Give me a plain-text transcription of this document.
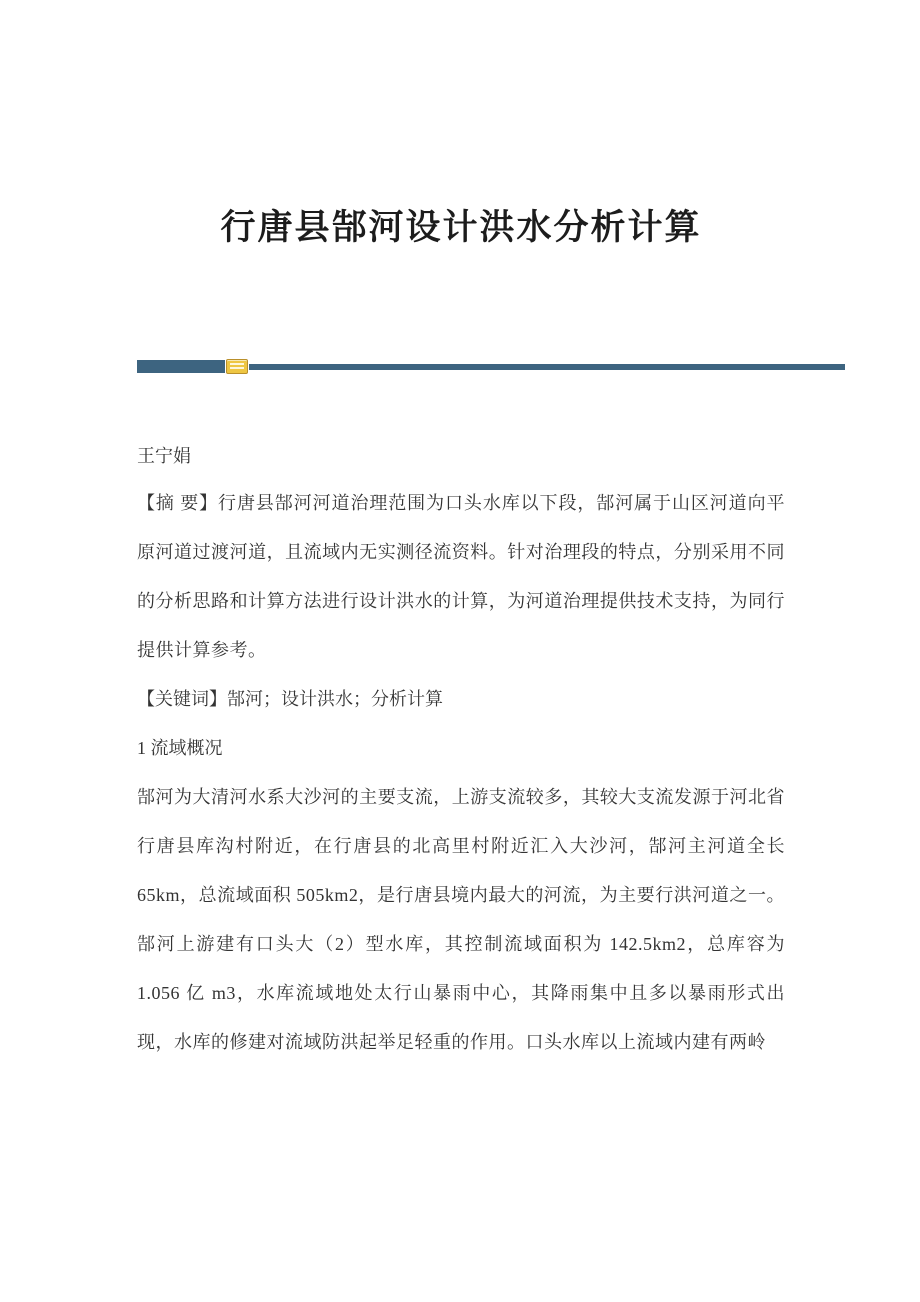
行唐县郜河设计洪水分析计算

王宁娟

【摘 要】行唐县郜河河道治理范围为口头水库以下段，郜河属于山区河道向平原河道过渡河道，且流域内无实测径流资料。针对治理段的特点，分别采用不同的分析思路和计算方法进行设计洪水的计算，为河道治理提供技术支持，为同行提供计算参考。

【关键词】郜河；设计洪水；分析计算

1 流域概况

郜河为大清河水系大沙河的主要支流，上游支流较多，其较大支流发源于河北省行唐县库沟村附近，在行唐县的北高里村附近汇入大沙河，郜河主河道全长65km，总流域面积 505km2，是行唐县境内最大的河流，为主要行洪河道之一。郜河上游建有口头大（2）型水库，其控制流域面积为 142.5km2，总库容为 1.056 亿 m3，水库流域地处太行山暴雨中心，其降雨集中且多以暴雨形式出现，水库的修建对流域防洪起举足轻重的作用。口头水库以上流域内建有两岭
